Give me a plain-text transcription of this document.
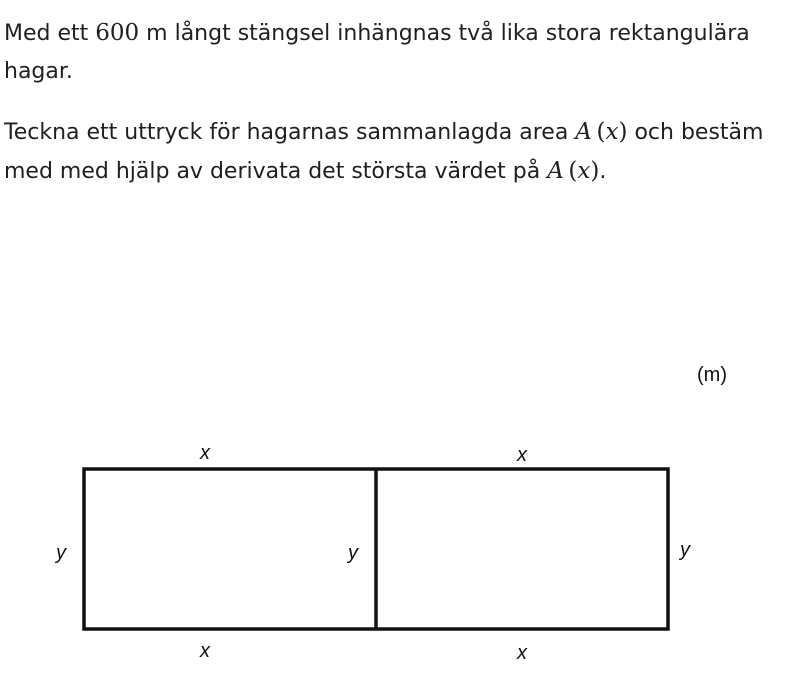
Med ett 600 m långt stängsel inhängnas två lika stora rektangulära hagar.

Teckna ett uttryck för hagarnas sammanlagda area A (x) och bestäm med med hjälp av derivata det största värdet på A (x).

(m)
x	x
y	y	y
x	x
